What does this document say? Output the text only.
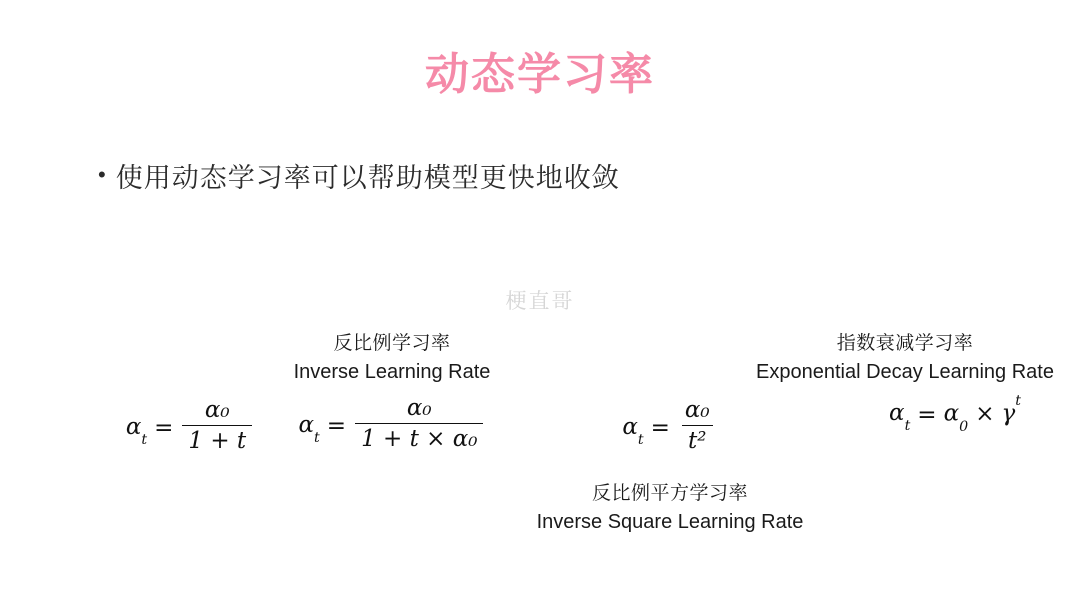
动态学习率
• 使用动态学习率可以帮助模型更快地收敛
梗直哥
反比例学习率
Inverse Learning Rate
$\alpha_t = \frac{\text{α₀}}{1 + t} \alpha_t = \frac{\text{α₀}}{\text{1 + t × α₀}}$	$\alpha_t = \frac{\text{α₀}}{\text{t²}}$
反比例平方学习率
Inverse Square Learning Rate
指数衰减学习率
Exponential Decay Learning Rate
$\alpha_t = \alpha_0\times \gamma^t$
